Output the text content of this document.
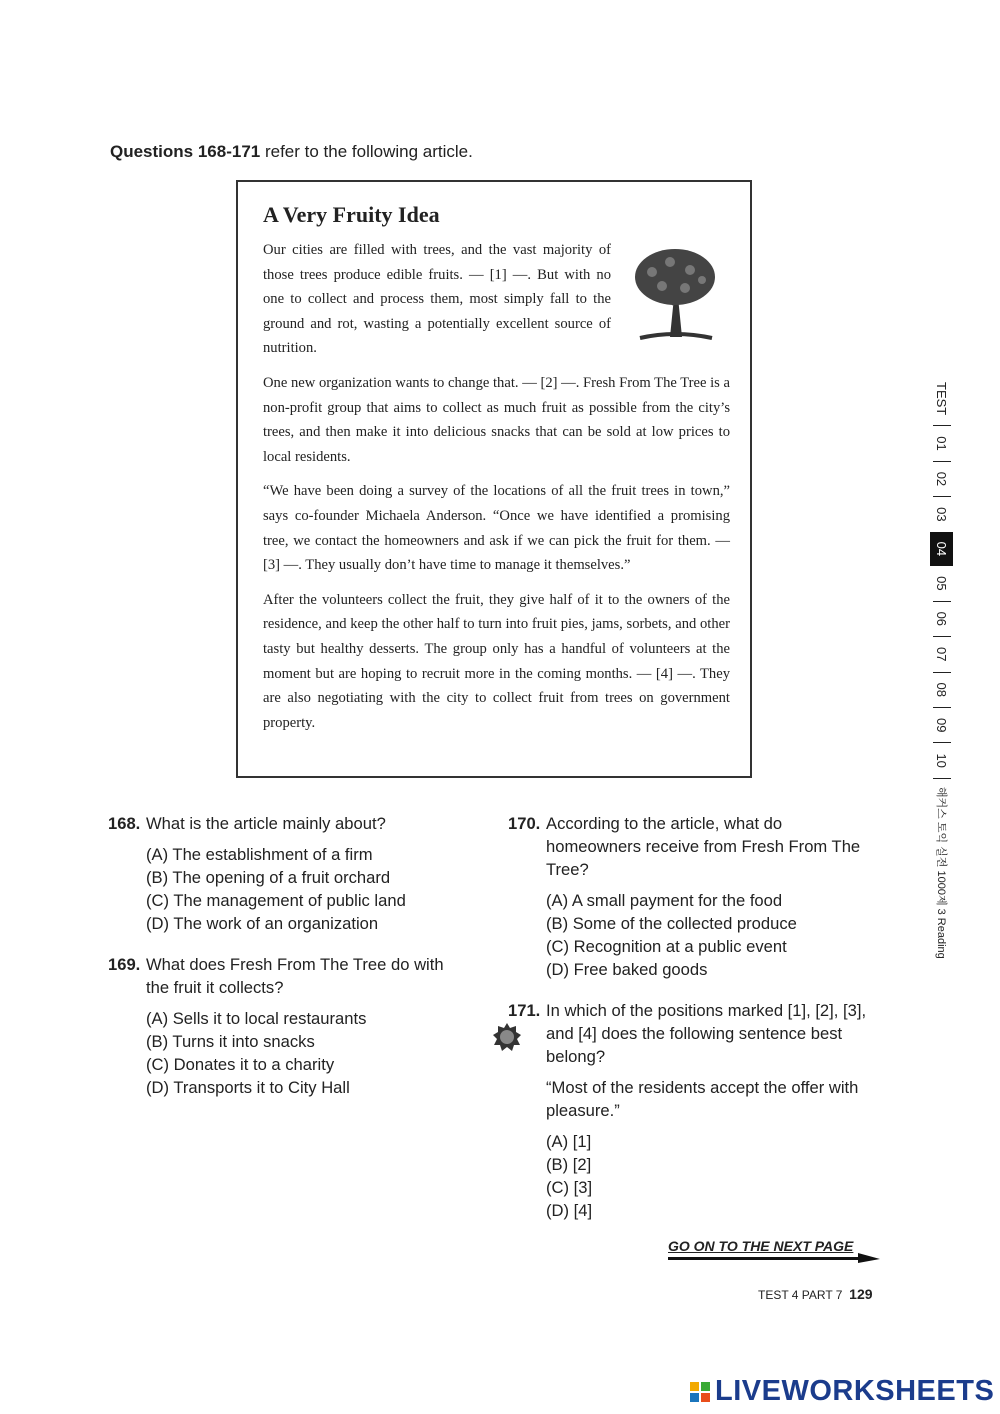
Questions 168-171 refer to the following article.
A Very Fruity Idea

Our cities are filled with trees, and the vast majority of those trees produce edible fruits. — [1] —. But with no one to collect and process them, most simply fall to the ground and rot, wasting a potentially excellent source of nutrition.

One new organization wants to change that. — [2] —. Fresh From The Tree is a non-profit group that aims to collect as much fruit as possible from the city’s trees, and then make it into delicious snacks that can be sold at low prices to local residents.

“We have been doing a survey of the locations of all the fruit trees in town,” says co-founder Michaela Anderson. “Once we have identified a promising tree, we contact the homeowners and ask if we can pick the fruit for them. — [3] —. They usually don’t have time to manage it themselves.”

After the volunteers collect the fruit, they give half of it to the owners of the residence, and keep the other half to turn into fruit pies, jams, sorbets, and other tasty but healthy desserts. The group only has a handful of volunteers at the moment but are hoping to recruit more in the coming months. — [4] —. They are also negotiating with the city to collect fruit from trees on government property.

168. What is the article mainly about?
(A) The establishment of a firm
(B) The opening of a fruit orchard
(C) The management of public land
(D) The work of an organization
169. What does Fresh From The Tree do with the fruit it collects?
(A) Sells it to local restaurants
(B) Turns it into snacks
(C) Donates it to a charity
(D) Transports it to City Hall
170. According to the article, what do homeowners receive from Fresh From The Tree?
(A) A small payment for the food
(B) Some of the collected produce
(C) Recognition at a public event
(D) Free baked goods
171. In which of the positions marked [1], [2], [3], and [4] does the following sentence best belong?
“Most of the residents accept the offer with pleasure.”
(A) [1]
(B) [2]
(C) [3]
(D) [4]
GO ON TO THE NEXT PAGE
TEST 4 PART 7 129
TEST
01
02
03
04
05
06
07
08
09
10
해커스 토익 실전 1000제 3 Reading
LIVEWORKSHEETS
